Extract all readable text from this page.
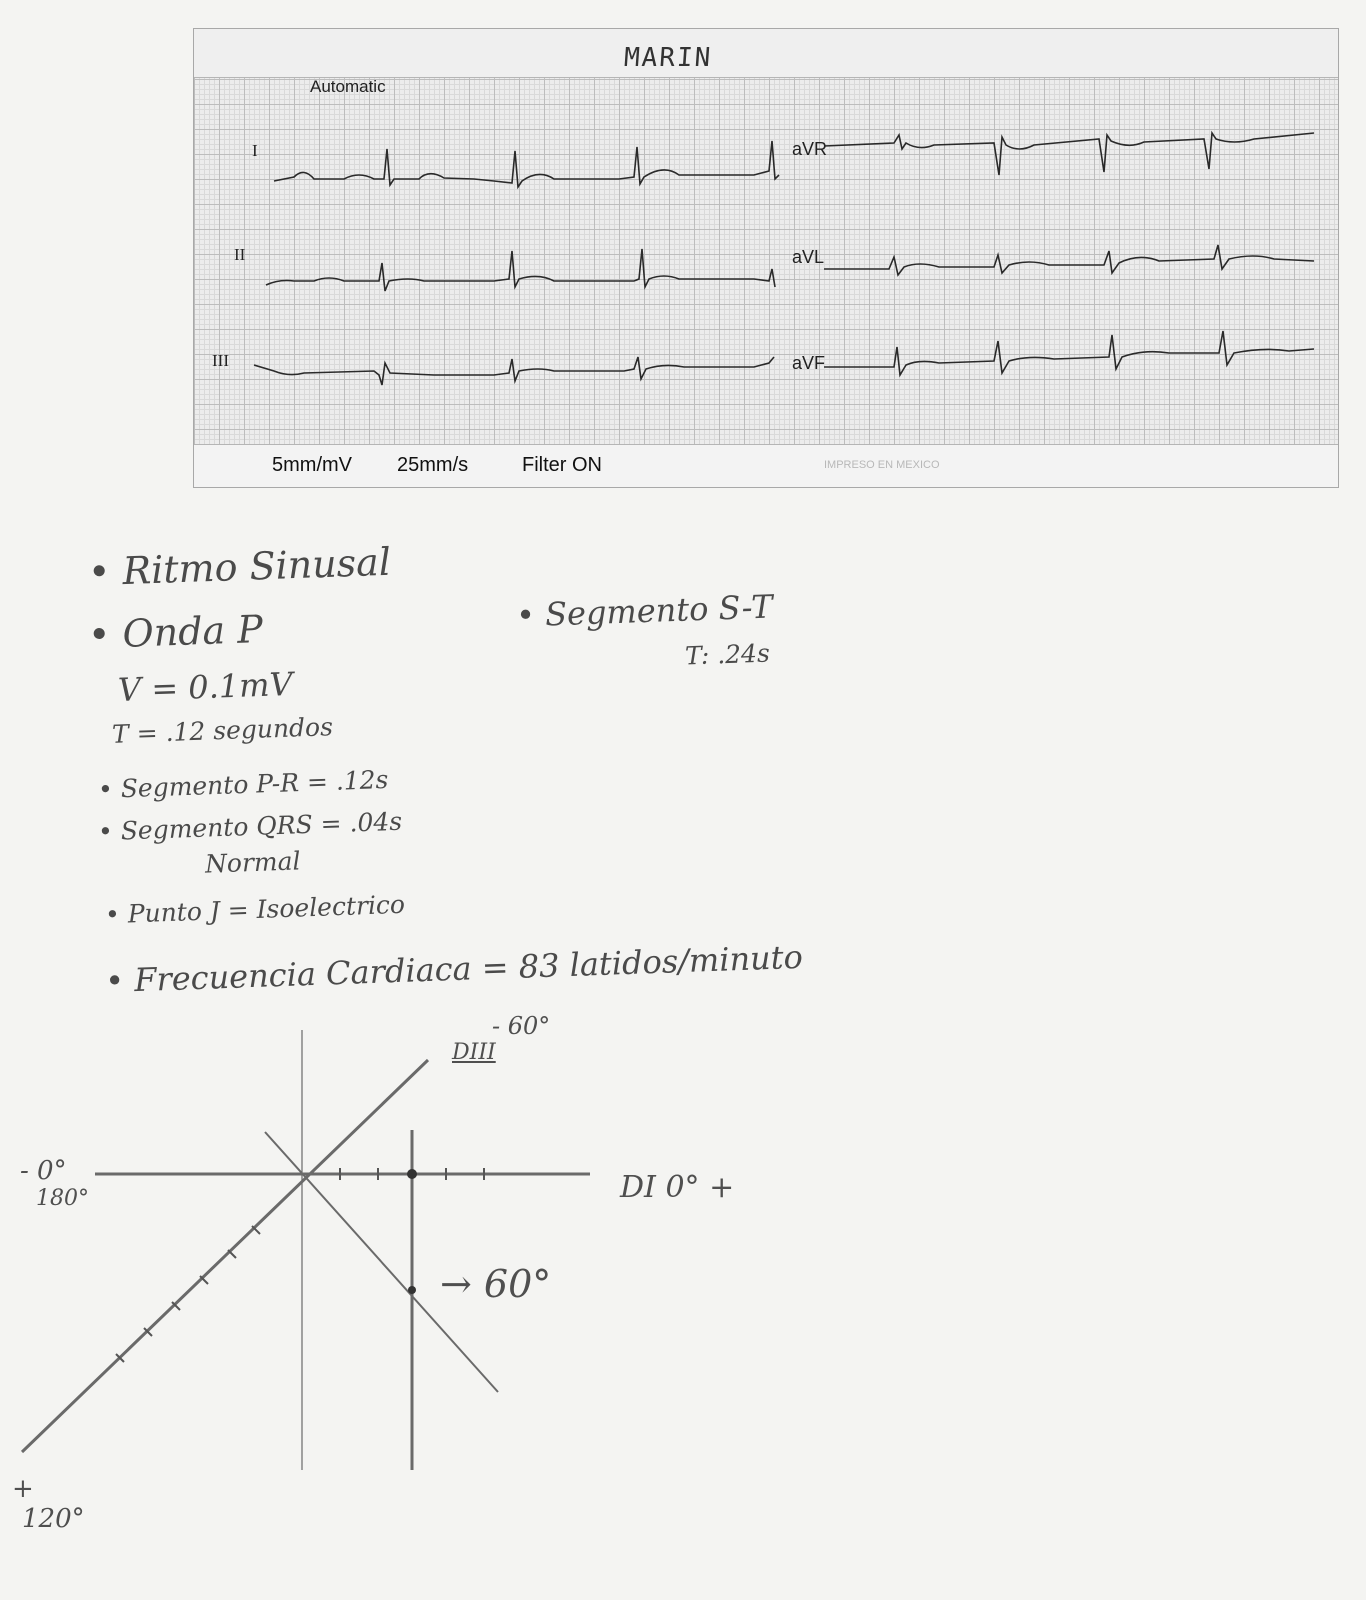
MARIN
Automatic
I
II
III
aVR
aVL
aVF
5mm/mV 25mm/s	Filter ON	IMPRESO EN MEXICO
• Ritmo Sinusal
• Onda P	• Segmento S-T
T: .24s
V = 0.1mV
T = .12 segundos
• Segmento P-R = .12s
• Segmento QRS = .04s
Normal
• Punto J = Isoelectrico
• Frecuencia Cardiaca = 83 latidos/minuto
DIII
- 60°
DI 0° +
- 0°
180°
→ 60°
+
120°
